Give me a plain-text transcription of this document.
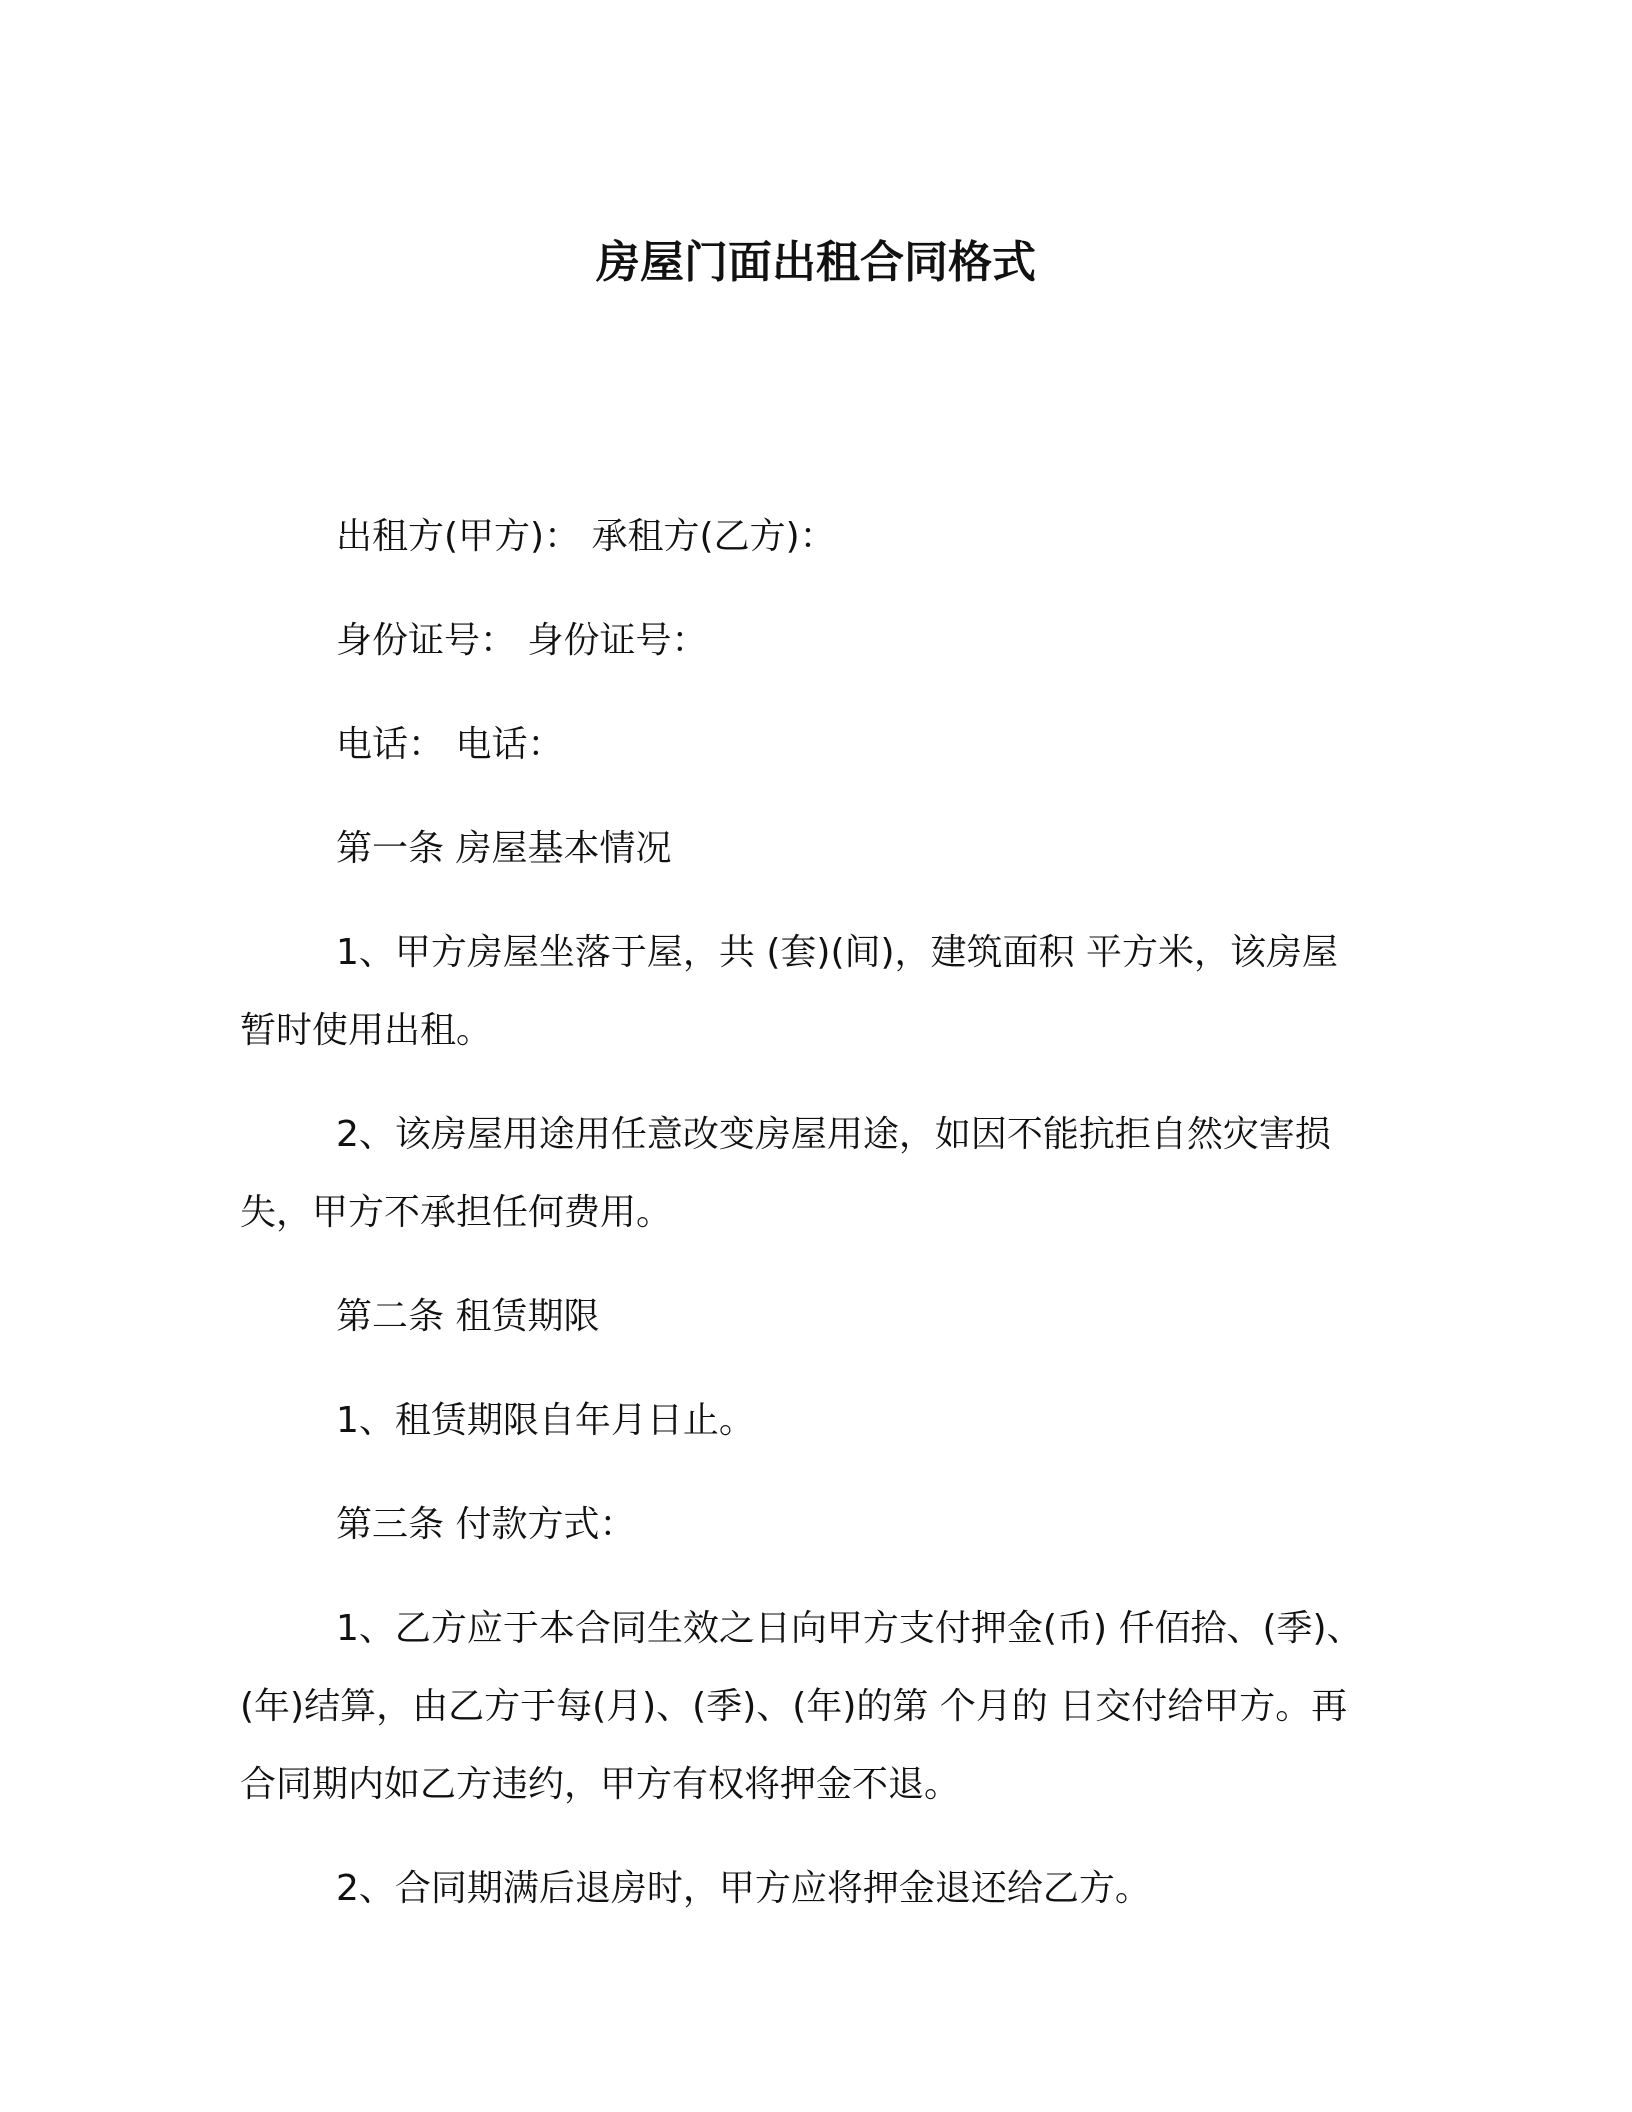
房屋门面出租合同格式

出租方(甲方)： 承租方(乙方)：

身份证号： 身份证号：

电话： 电话：

第一条 房屋基本情况

1、甲方房屋坐落于屋，共 (套)(间)，建筑面积 平方米，该房屋
暂时使用出租。
2、该房屋用途用任意改变房屋用途，如因不能抗拒自然灾害损
失，甲方不承担任何费用。

第二条 租赁期限

1、租赁期限自年月日止。

第三条 付款方式：

1、乙方应于本合同生效之日向甲方支付押金(币) 仟佰拾、(季)、
(年)结算，由乙方于每(月)、(季)、(年)的第 个月的 日交付给甲方。再
合同期内如乙方违约，甲方有权将押金不退。

2、合同期满后退房时，甲方应将押金退还给乙方。
